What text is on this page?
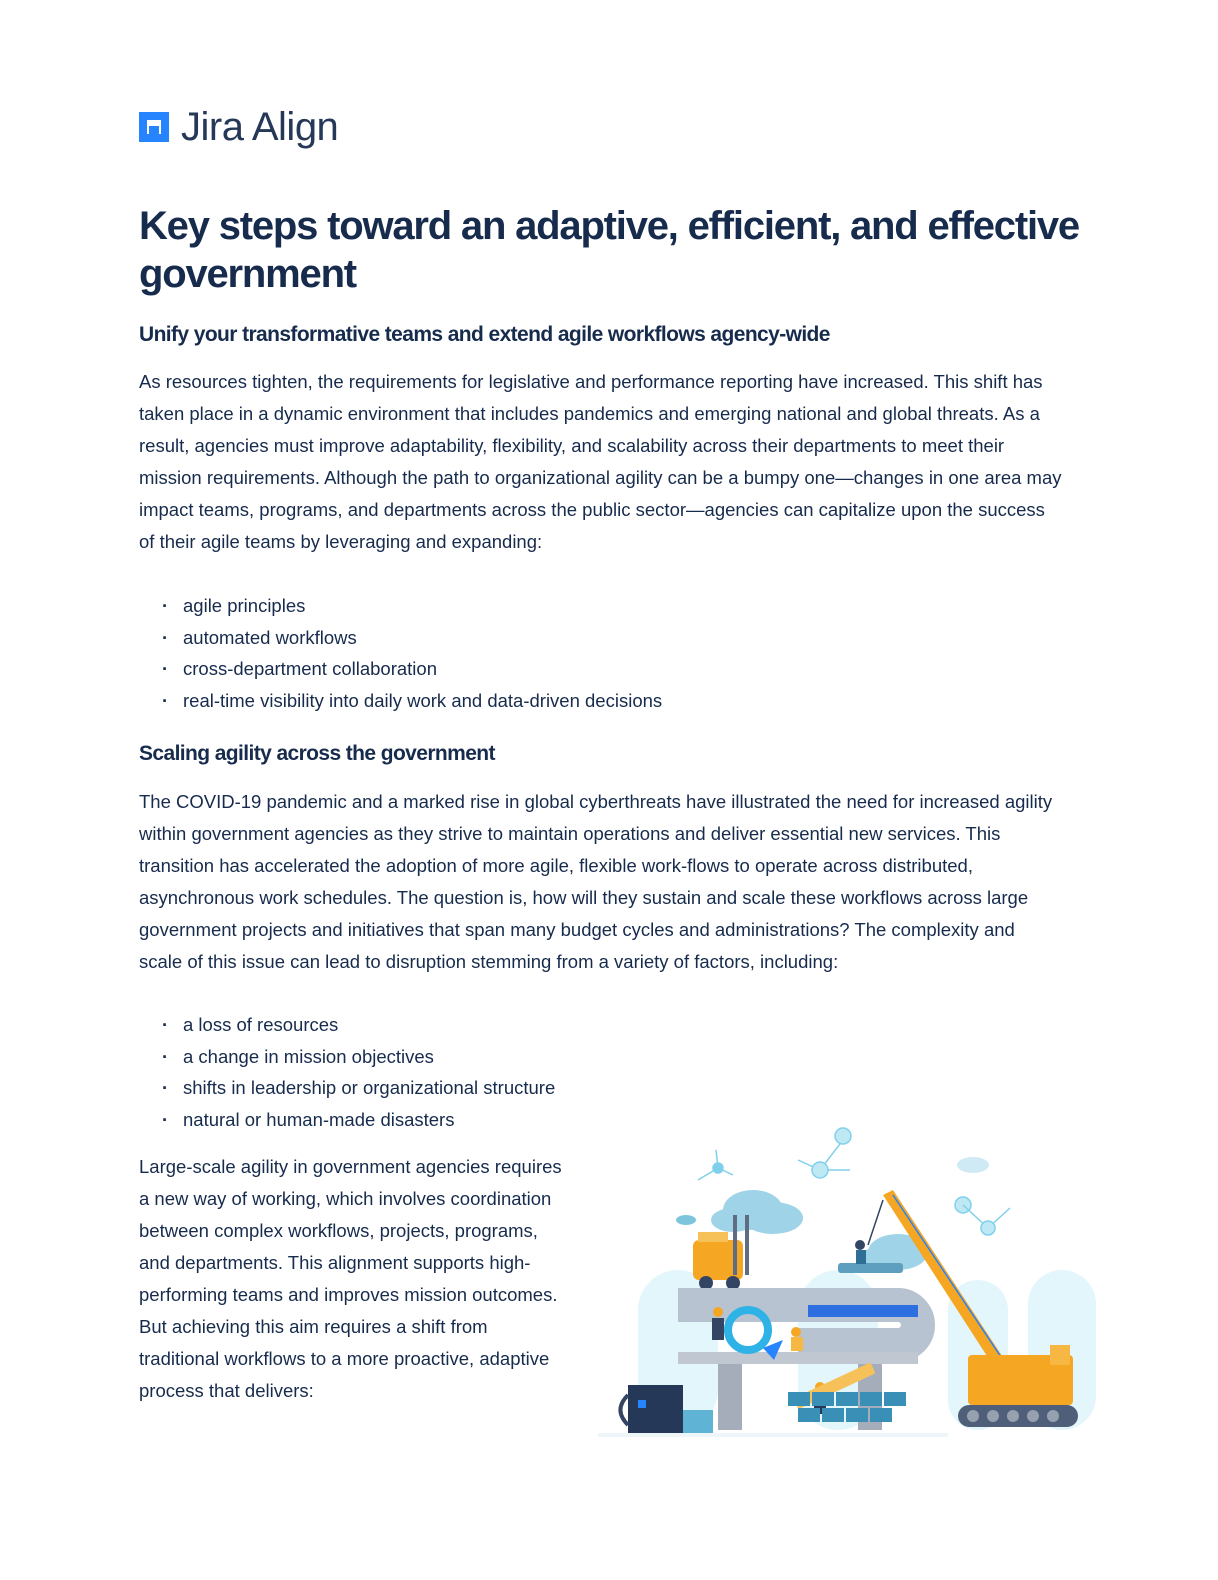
Jira Align
Key steps toward an adaptive, efficient, and effective government
Unify your transformative teams and extend agile workflows agency-wide

As resources tighten, the requirements for legislative and performance reporting have increased. This shift has taken place in a dynamic environment that includes pandemics and emerging national and global threats. As a result, agencies must improve adaptability, flexibility, and scalability across their departments to meet their mission requirements. Although the path to organizational agility can be a bumpy one—changes in one area may impact teams, programs, and departments across the public sector—agencies can capitalize upon the success of their agile teams by leveraging and expanding:

· agile principles
· automated workflows
· cross-department collaboration
· real-time visibility into daily work and data-driven decisions
Scaling agility across the government

The COVID-19 pandemic and a marked rise in global cyberthreats have illustrated the need for increased agility within government agencies as they strive to maintain operations and deliver essential new services. This transition has accelerated the adoption of more agile, flexible work-flows to operate across distributed, asynchronous work schedules. The question is, how will they sustain and scale these workflows across large government projects and initiatives that span many budget cycles and administrations? The complexity and scale of this issue can lead to disruption stemming from a variety of factors, including:

· a loss of resources
· a change in mission objectives
· shifts in leadership or organizational structure
· natural or human-made disasters

Large-scale agility in government agencies requires a new way of working, which involves coordination between complex workflows, projects, programs, and departments. This alignment supports high-performing teams and improves mission outcomes. But achieving this aim requires a shift from traditional workflows to a more proactive, adaptive process that delivers:
